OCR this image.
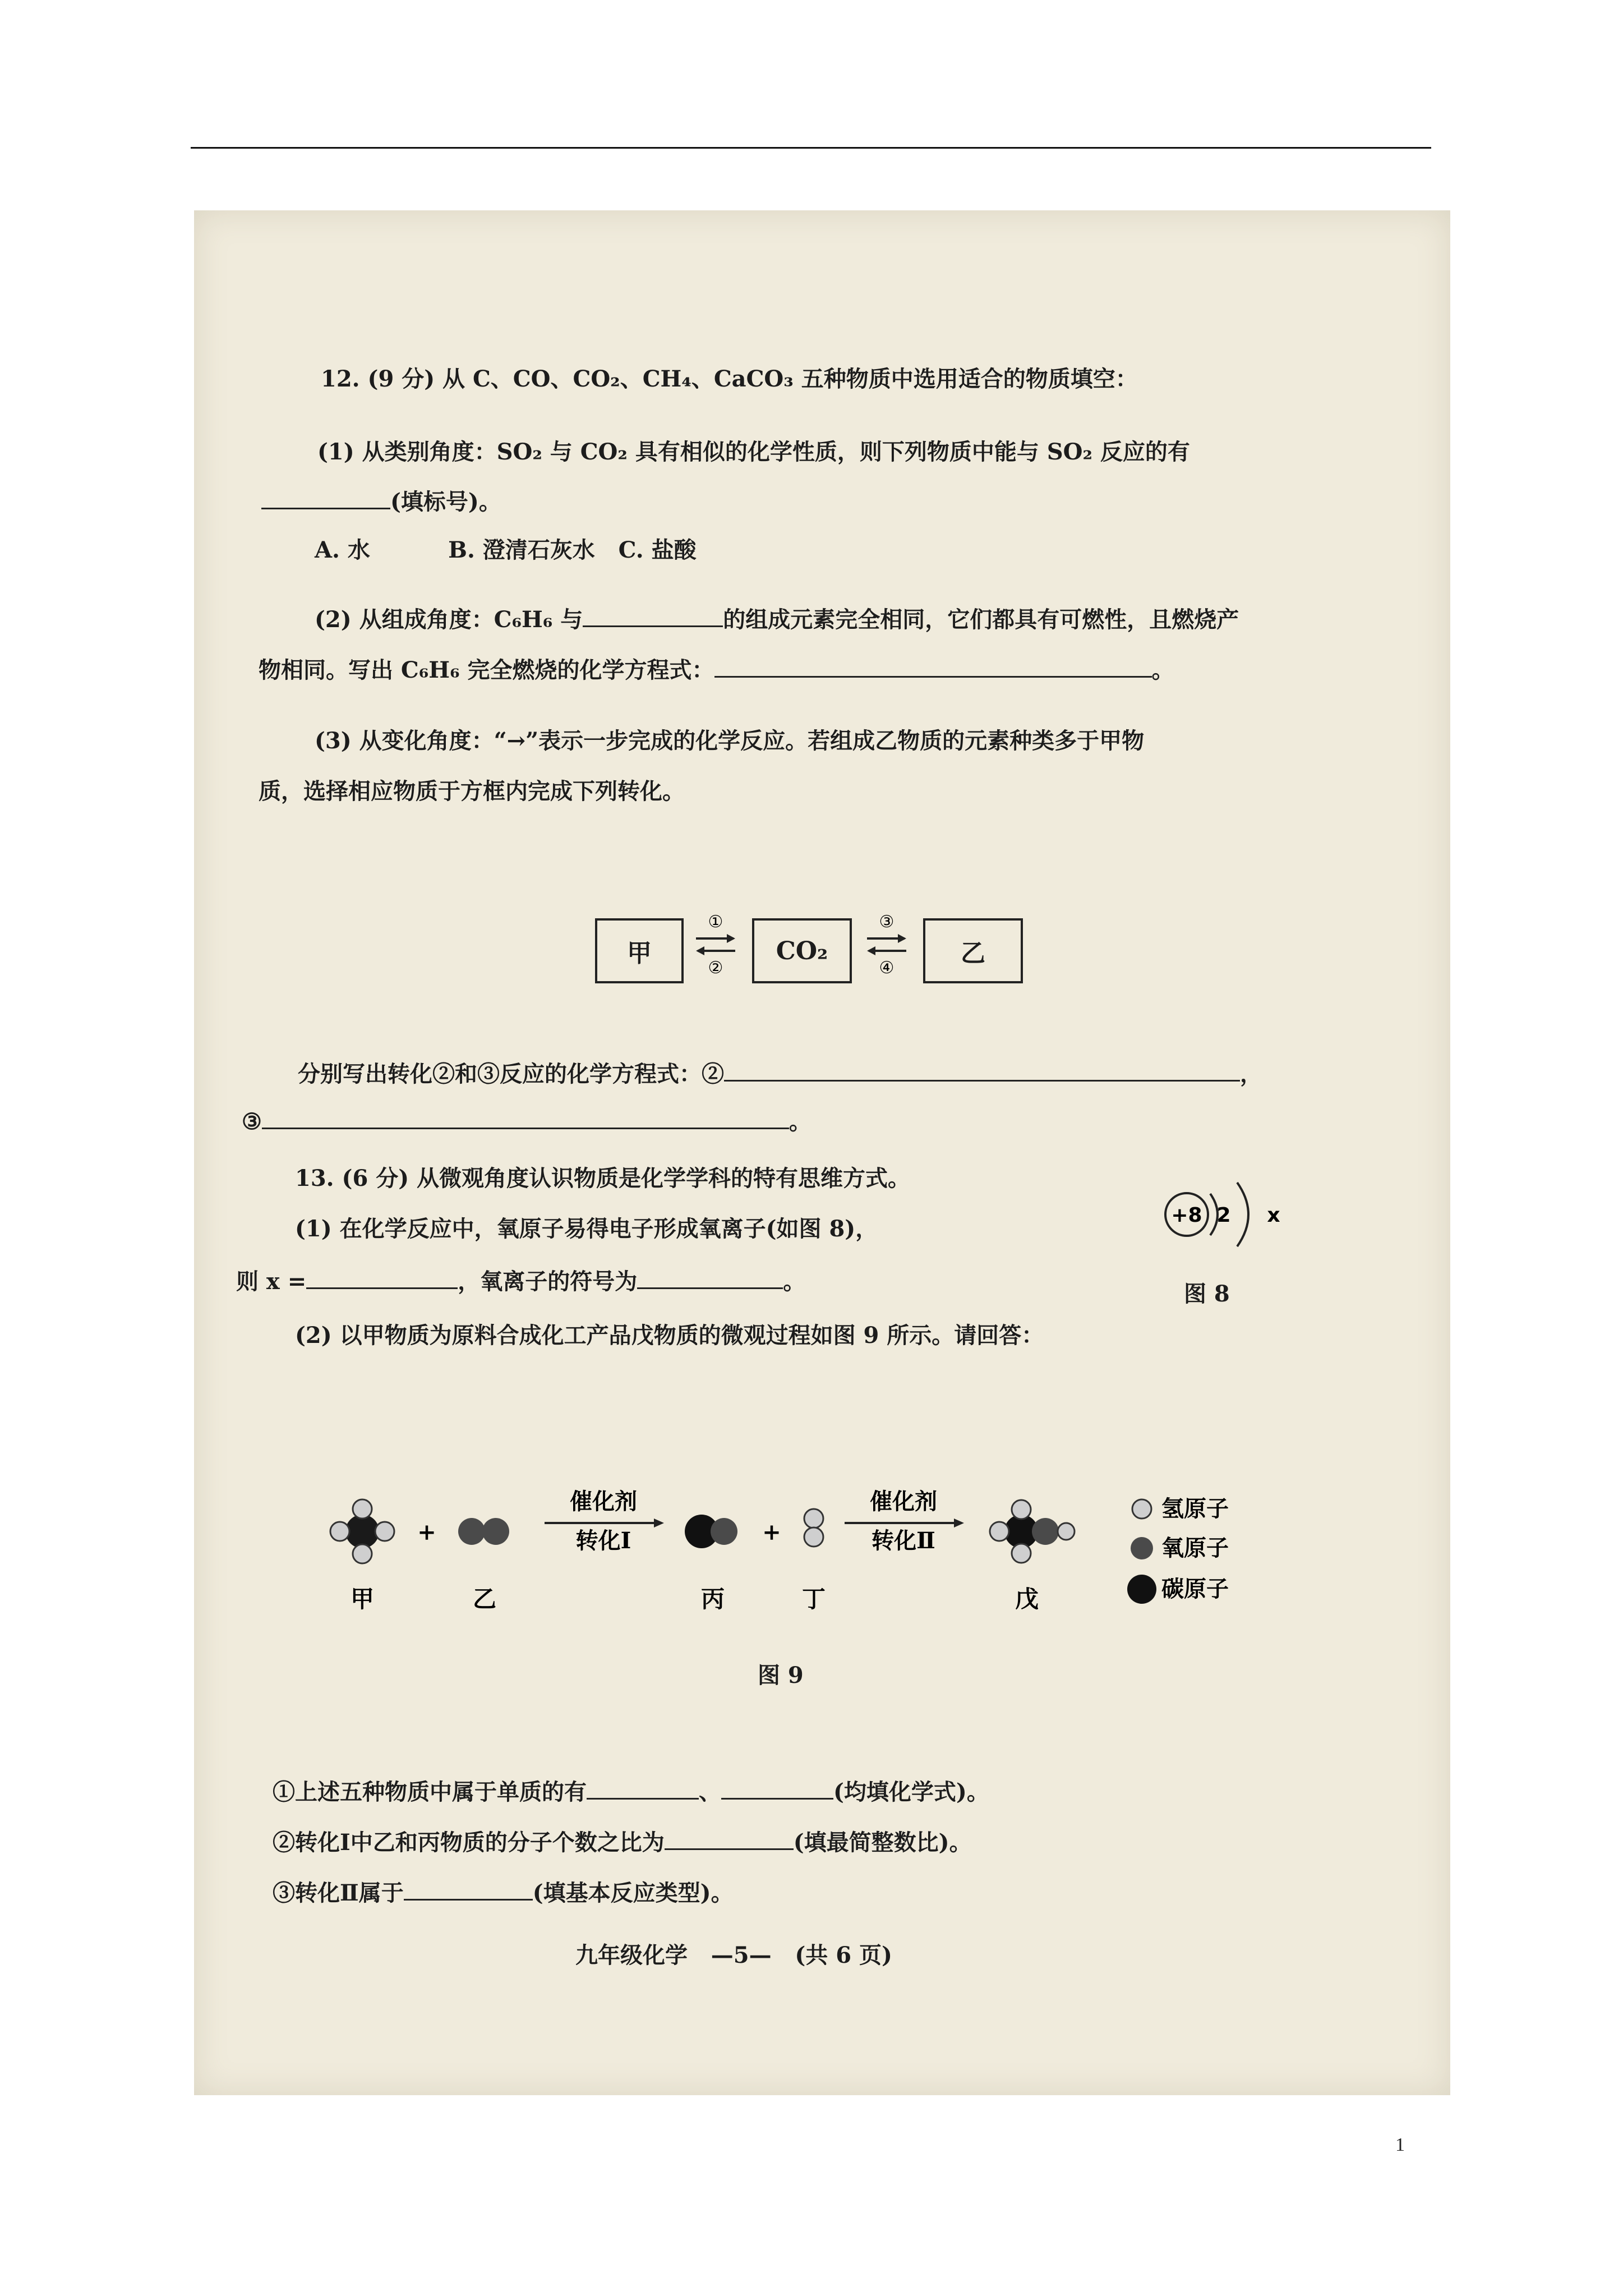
12. (9 分) 从 C、CO、CO₂、CH₄、CaCO₃ 五种物质中选用适合的物质填空：
(1) 从类别角度：SO₂ 与 CO₂ 具有相似的化学性质，则下列物质中能与 SO₂ 反应的有
(填标号)。
A. 水          B. 澄清石灰水   C. 盐酸
(2) 从组成角度：C₆H₆ 与	的组成元素完全相同，它们都具有可燃性，且燃烧产
物相同。写出 C₆H₆ 完全燃烧的化学方程式：	。
(3) 从变化角度：“→”表示一步完成的化学反应。若组成乙物质的元素种类多于甲物
质，选择相应物质于方框内完成下列转化。
甲
①
②
CO₂
③
④
乙
分别写出转化②和③反应的化学方程式：②	，
③	。
13. (6 分) 从微观角度认识物质是化学学科的特有思维方式。
(1) 在化学反应中，氧原子易得电子形成氧离子(如图 8)，
则 x =	，氧离子的符号为	。
+8 2 x
图 8
(2) 以甲物质为原料合成化工产品戊物质的微观过程如图 9 所示。请回答：
+
催化剂
转化Ⅰ	+
催化剂
转化Ⅱ
甲	乙	丙	丁	戊
氢原子
氧原子
碳原子
图 9
①上述五种物质中属于单质的有	、	(均填化学式)。
②转化Ⅰ中乙和丙物质的分子个数之比为	(填最简整数比)。
③转化Ⅱ属于	(填基本反应类型)。
九年级化学   —5—   (共 6 页)
1
